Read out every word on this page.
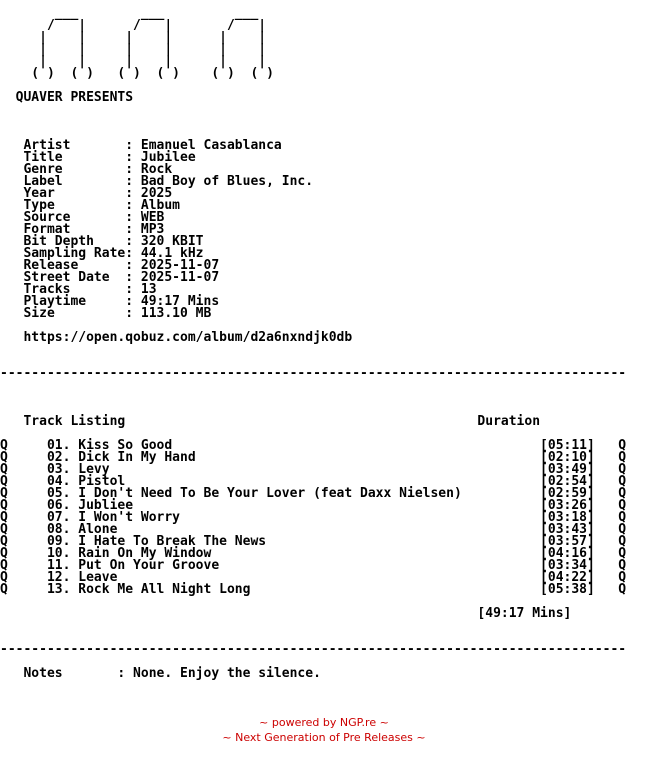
___        ___         ___
/   |      /   |       /   |
|    |     |    |      |    |
|    |     |    |      |    |
|    |     |    |      |    |
( )  ( )   ( )  ( )    ( )  ( )
QUAVER PRESENTS
Artist       : Emanuel Casablanca
Title        : Jubilee
Genre        : Rock
Label        : Bad Boy of Blues, Inc.
Year         : 2025
Type         : Album
Source       : WEB
Format       : MP3
Bit Depth    : 320 KBIT
Sampling Rate: 44.1 kHz
Release      : 2025-11-07
Street Date  : 2025-11-07
Tracks       : 13
Playtime     : 49:17 Mins
Size         : 113.10 MB
https://open.qobuz.com/album/d2a6nxndjk0db
--------------------------------------------------------------------------------
Track Listing                                             Duration
Q     01. Kiss So Good                                               [05:11]   Q
Q     02. Dick In My Hand                                            [02:10]   Q
Q     03. Levy                                                       [03:49]   Q
Q     04. Pistol                                                     [02:54]   Q
Q     05. I Don't Need To Be Your Lover (feat Daxx Nielsen)          [02:59]   Q
Q     06. Jubliee                                                    [03:26]   Q
Q     07. I Won't Worry                                              [03:18]   Q
Q     08. Alone                                                      [03:43]   Q
Q     09. I Hate To Break The News                                   [03:57]   Q
Q     10. Rain On My Window                                          [04:16]   Q
Q     11. Put On Your Groove                                         [03:34]   Q
Q     12. Leave                                                      [04:22]   Q
Q     13. Rock Me All Night Long                                     [05:38]   Q
[49:17 Mins]
--------------------------------------------------------------------------------
Notes       : None. Enjoy the silence.
~ powered by NGP.re ~
~ Next Generation of Pre Releases ~
